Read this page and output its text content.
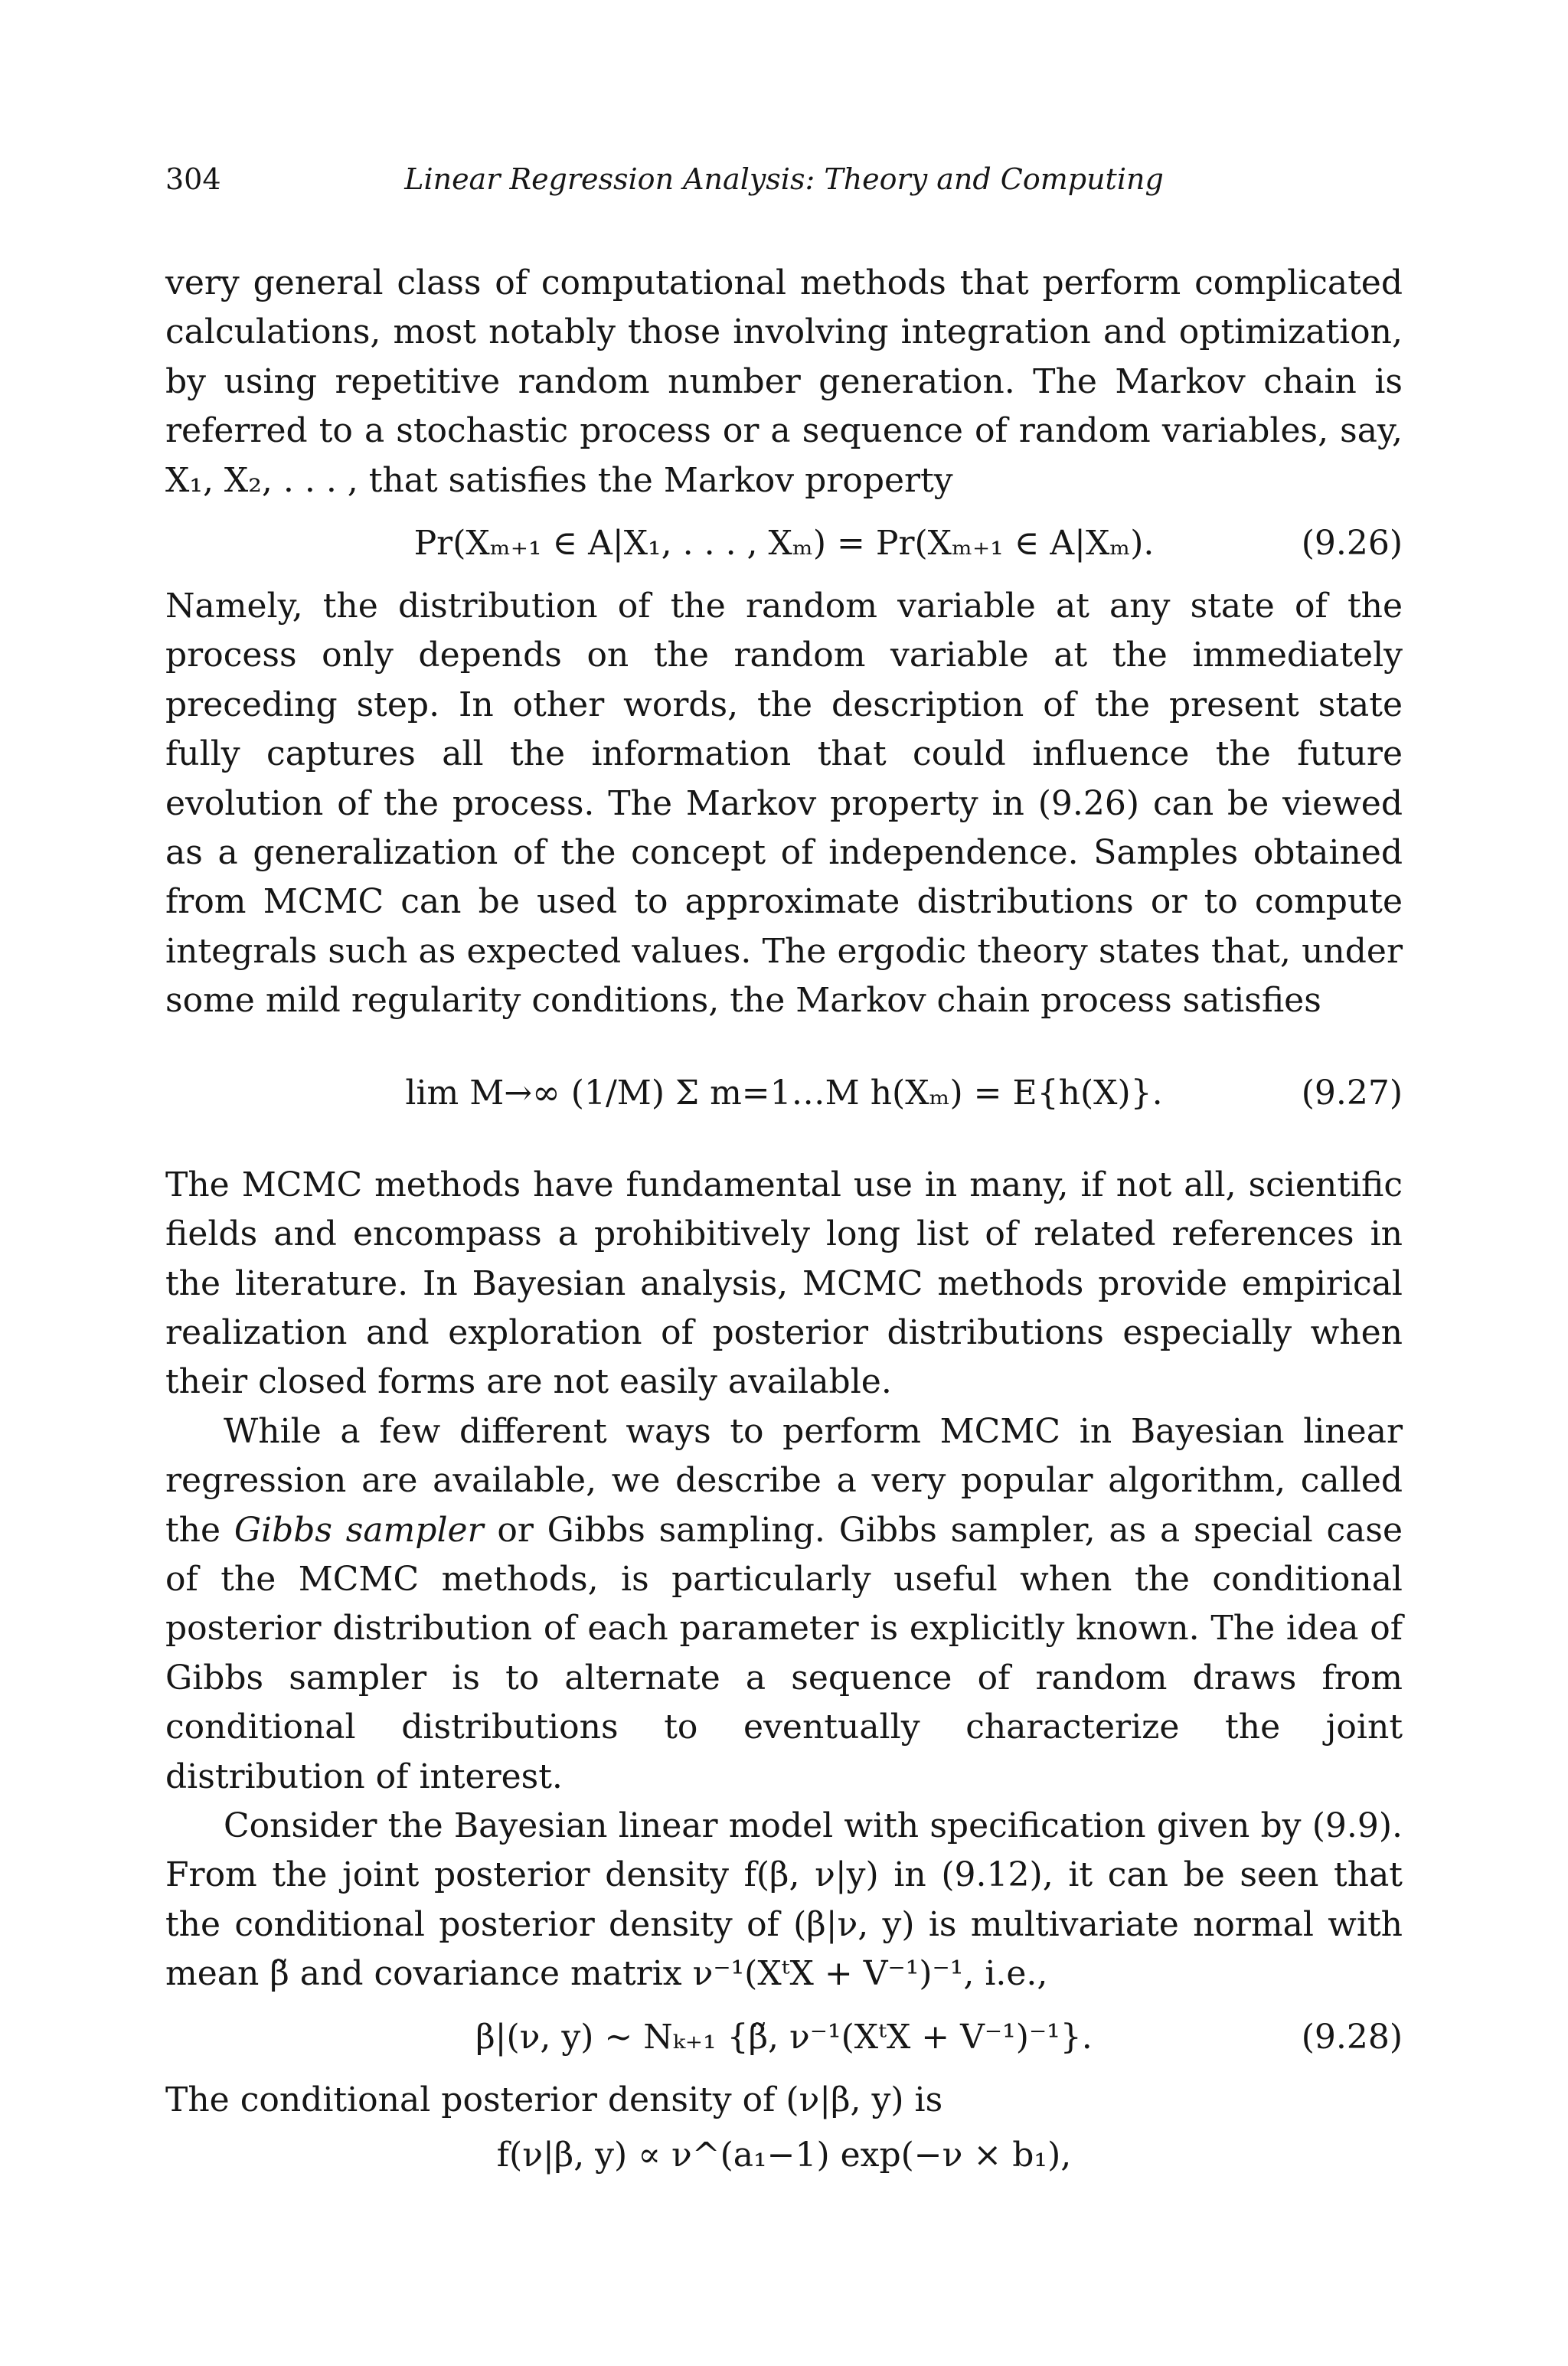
304	Linear Regression Analysis: Theory and Computing

very general class of computational methods that perform complicated calculations, most notably those involving integration and optimization, by using repetitive random number generation. The Markov chain is referred to a stochastic process or a sequence of random variables, say, X₁, X₂, . . . , that satisfies the Markov property

Pr(Xₘ₊₁ ∈ A|X₁, . . . , Xₘ) = Pr(Xₘ₊₁ ∈ A|Xₘ).	(9.26)

Namely, the distribution of the random variable at any state of the process only depends on the random variable at the immediately preceding step. In other words, the description of the present state fully captures all the information that could influence the future evolution of the process. The Markov property in (9.26) can be viewed as a generalization of the concept of independence. Samples obtained from MCMC can be used to approximate distributions or to compute integrals such as expected values. The ergodic theory states that, under some mild regularity conditions, the Markov chain process satisfies

lim M→∞ (1/M) Σ m=1…M h(Xₘ) = E{h(X)}.	(9.27)

The MCMC methods have fundamental use in many, if not all, scientific fields and encompass a prohibitively long list of related references in the literature. In Bayesian analysis, MCMC methods provide empirical realization and exploration of posterior distributions especially when their closed forms are not easily available.

While a few different ways to perform MCMC in Bayesian linear regression are available, we describe a very popular algorithm, called the Gibbs sampler or Gibbs sampling. Gibbs sampler, as a special case of the MCMC methods, is particularly useful when the conditional posterior distribution of each parameter is explicitly known. The idea of Gibbs sampler is to alternate a sequence of random draws from conditional distributions to eventually characterize the joint distribution of interest.

Consider the Bayesian linear model with specification given by (9.9). From the joint posterior density f(β, ν|y) in (9.12), it can be seen that the conditional posterior density of (β|ν, y) is multivariate normal with mean β̃ and covariance matrix ν⁻¹(XᵗX + V⁻¹)⁻¹, i.e.,

β|(ν, y) ∼ Nₖ₊₁ {β̃, ν⁻¹(XᵗX + V⁻¹)⁻¹}.	(9.28)

The conditional posterior density of (ν|β, y) is

f(ν|β, y) ∝ ν^(a₁−1) exp(−ν × b₁),
